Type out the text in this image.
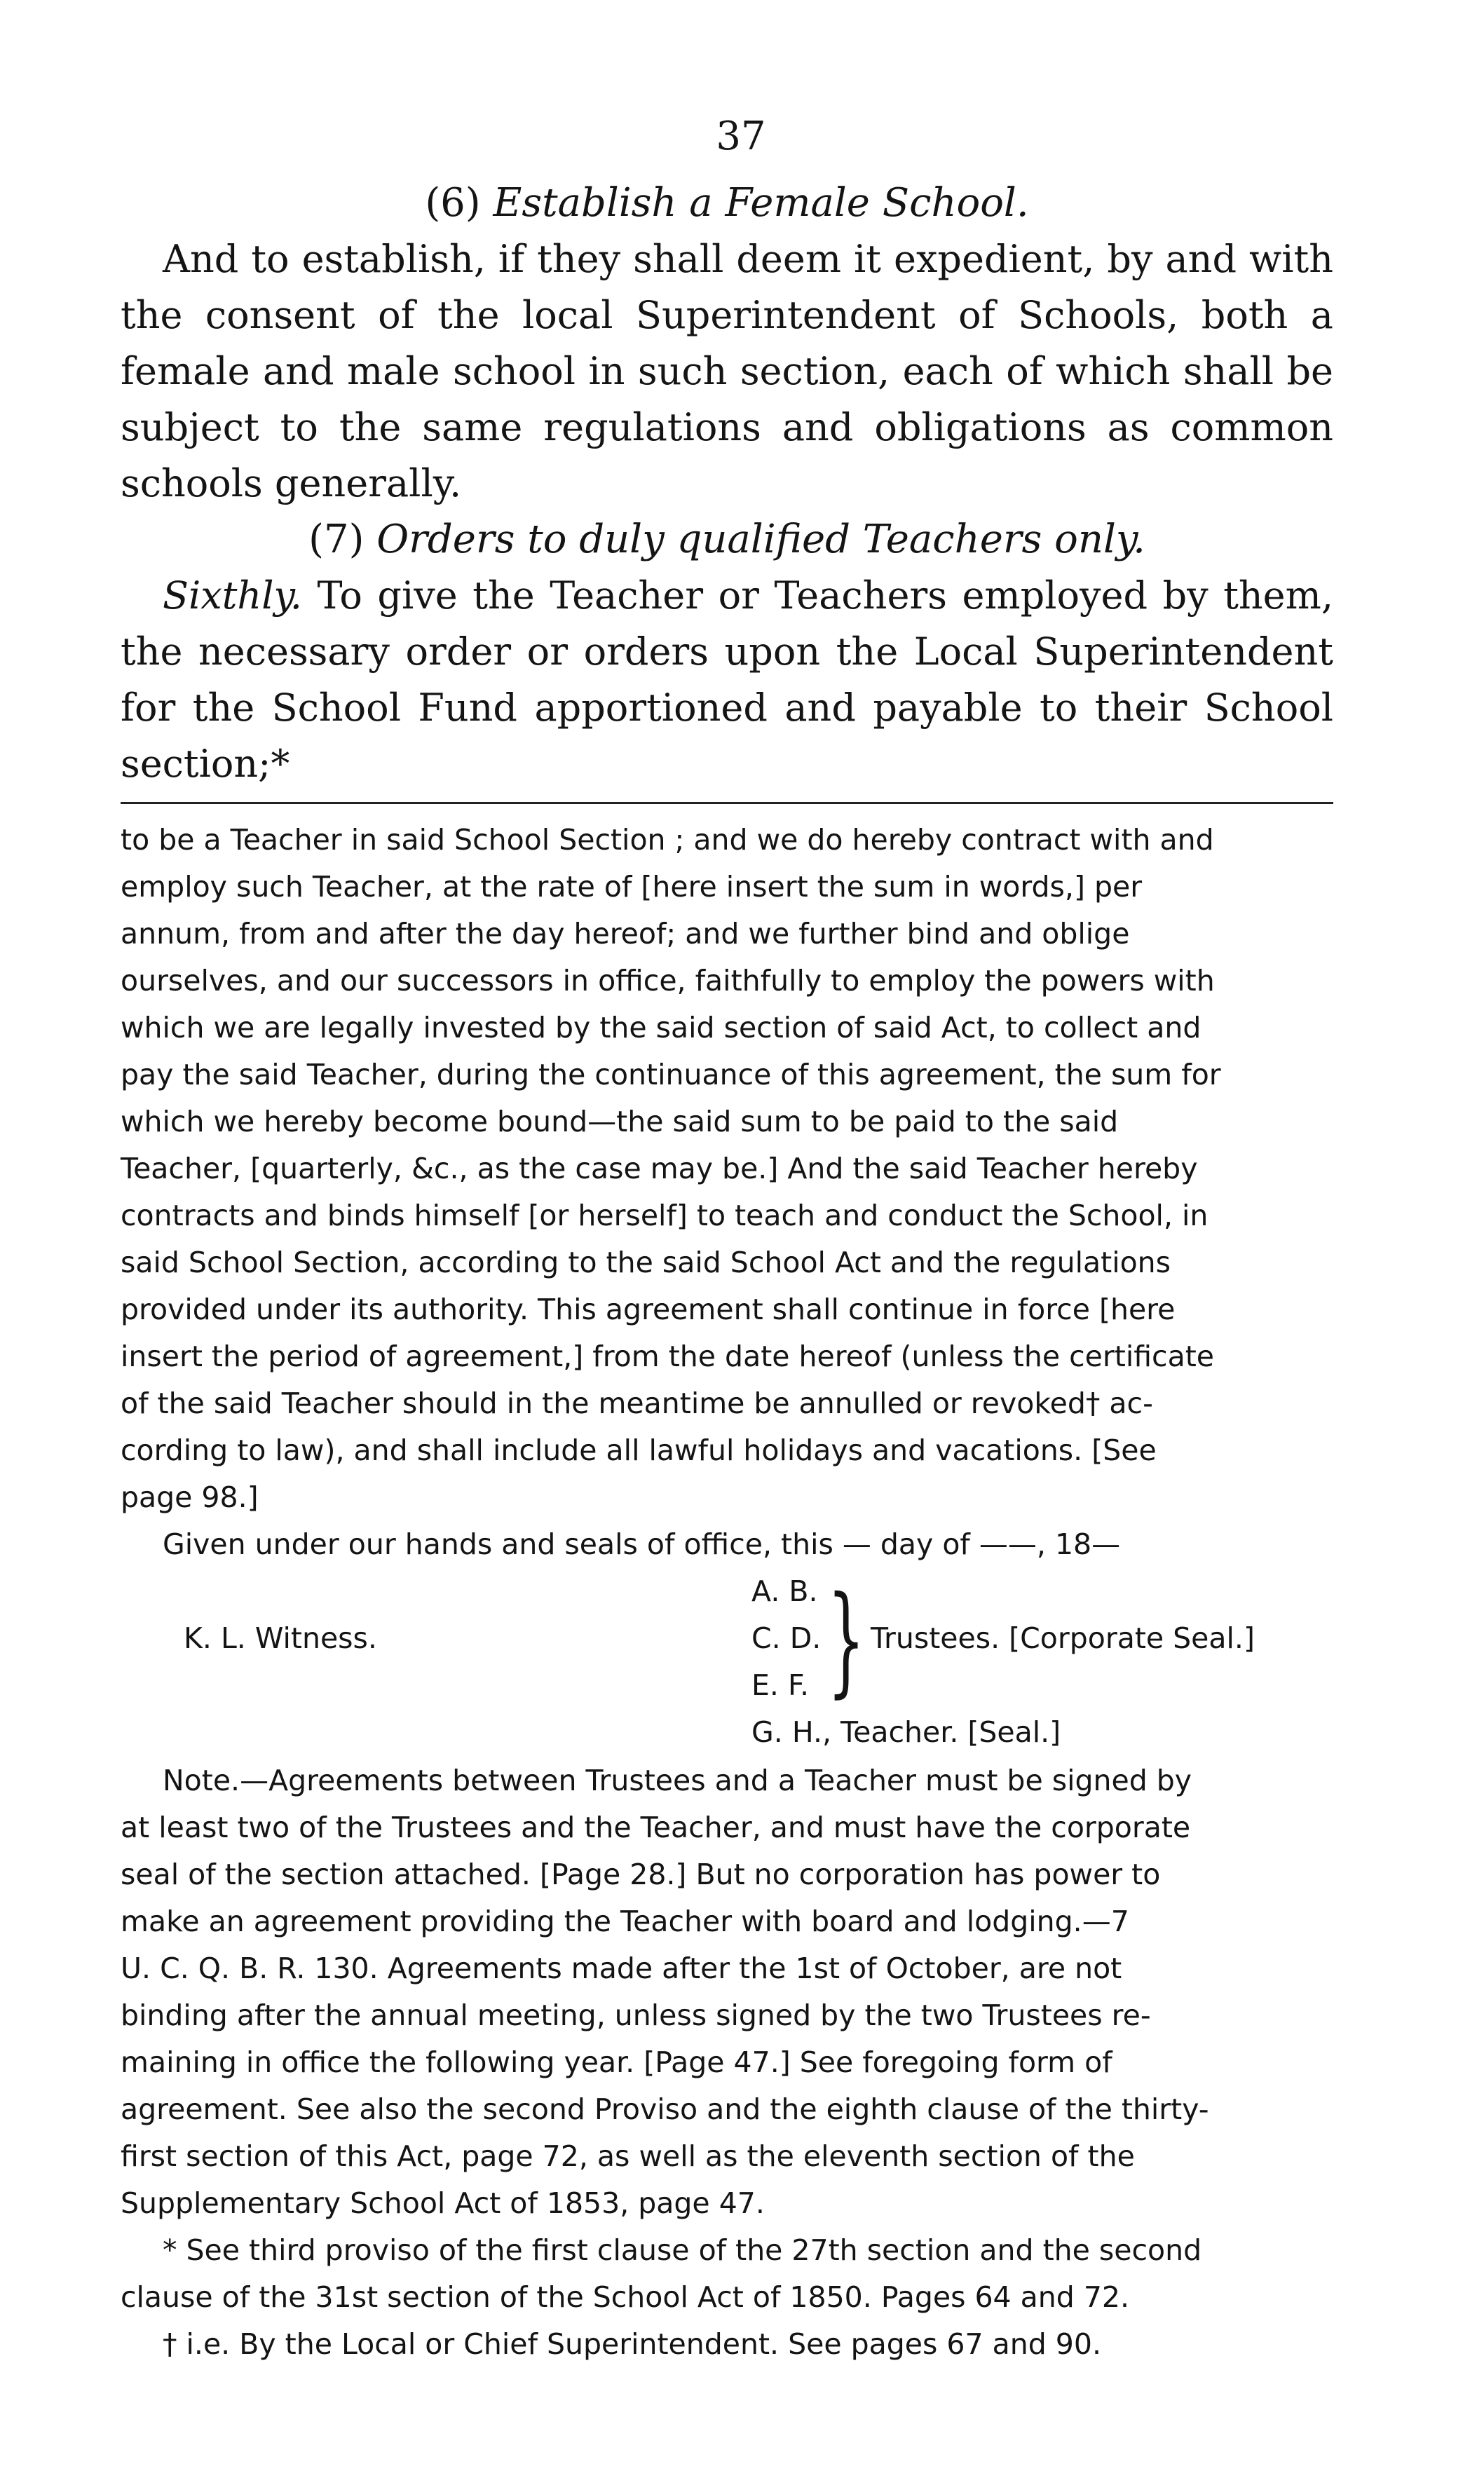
37
(6) Establish a Female School.
And to establish, if they shall deem it expedient, by and with the consent of the local Superintendent of Schools, both a female and male school in such section, each of which shall be subject to the same regulations and obligations as common schools generally.
(7) Orders to duly qualified Teachers only.
Sixthly. To give the Teacher or Teachers employed by them, the necessary order or orders upon the Local Superintendent for the School Fund apportioned and payable to their School section;*
to be a Teacher in said School Section ; and we do hereby contract with and
employ such Teacher, at the rate of [here insert the sum in words,] per
annum, from and after the day hereof; and we further bind and oblige
ourselves, and our successors in office, faithfully to employ the powers with
which we are legally invested by the said section of said Act, to collect and
pay the said Teacher, during the continuance of this agreement, the sum for
which we hereby become bound—the said sum to be paid to the said
Teacher, [quarterly, &c., as the case may be.] And the said Teacher hereby
contracts and binds himself [or herself] to teach and conduct the School, in
said School Section, according to the said School Act and the regulations
provided under its authority. This agreement shall continue in force [here
insert the period of agreement,] from the date hereof (unless the certificate
of the said Teacher should in the meantime be annulled or revoked† ac-
cording to law), and shall include all lawful holidays and vacations. [See
page 98.]
Given under our hands and seals of office, this — day of ——, 18—
K. L. Witness.
A. B.
C. D.
E. F. } Trustees. [Corporate Seal.]
G. H., Teacher. [Seal.]
Note.—Agreements between Trustees and a Teacher must be signed by
at least two of the Trustees and the Teacher, and must have the corporate
seal of the section attached. [Page 28.] But no corporation has power to
make an agreement providing the Teacher with board and lodging.—7
U. C. Q. B. R. 130. Agreements made after the 1st of October, are not
binding after the annual meeting, unless signed by the two Trustees re-
maining in office the following year. [Page 47.] See foregoing form of
agreement. See also the second Proviso and the eighth clause of the thirty-
first section of this Act, page 72, as well as the eleventh section of the
Supplementary School Act of 1853, page 47.
* See third proviso of the first clause of the 27th section and the second
clause of the 31st section of the School Act of 1850. Pages 64 and 72.
† i.e. By the Local or Chief Superintendent. See pages 67 and 90.
